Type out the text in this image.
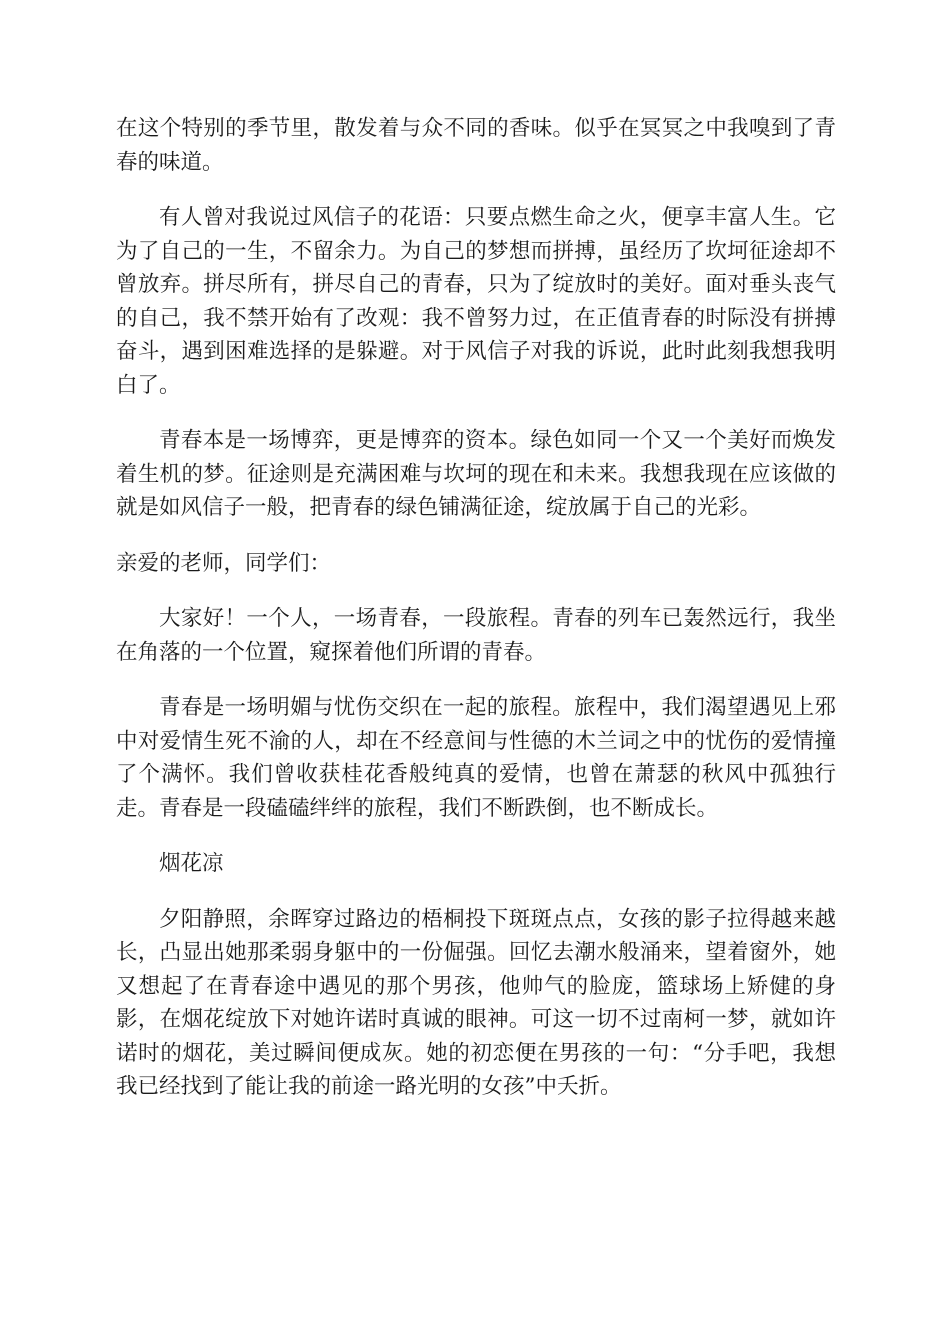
在这个特别的季节里，散发着与众不同的香味。似乎在冥冥之中我嗅到了青春的味道。

有人曾对我说过风信子的花语：只要点燃生命之火，便享丰富人生。它为了自己的一生，不留余力。为自己的梦想而拼搏，虽经历了坎坷征途却不曾放弃。拼尽所有，拼尽自己的青春，只为了绽放时的美好。面对垂头丧气的自己，我不禁开始有了改观：我不曾努力过，在正值青春的时际没有拼搏奋斗，遇到困难选择的是躲避。对于风信子对我的诉说，此时此刻我想我明白了。

青春本是一场博弈，更是博弈的资本。绿色如同一个又一个美好而焕发着生机的梦。征途则是充满困难与坎坷的现在和未来。我想我现在应该做的就是如风信子一般，把青春的绿色铺满征途，绽放属于自己的光彩。

亲爱的老师，同学们：

大家好！一个人，一场青春，一段旅程。青春的列车已轰然远行，我坐在角落的一个位置，窥探着他们所谓的青春。

青春是一场明媚与忧伤交织在一起的旅程。旅程中，我们渴望遇见上邪中对爱情生死不渝的人，却在不经意间与性德的木兰词之中的忧伤的爱情撞了个满怀。我们曾收获桂花香般纯真的爱情，也曾在萧瑟的秋风中孤独行走。青春是一段磕磕绊绊的旅程，我们不断跌倒，也不断成长。

烟花凉

夕阳静照，余晖穿过路边的梧桐投下斑斑点点，女孩的影子拉得越来越长，凸显出她那柔弱身躯中的一份倔强。回忆去潮水般涌来，望着窗外，她又想起了在青春途中遇见的那个男孩，他帅气的脸庞，篮球场上矫健的身影，在烟花绽放下对她许诺时真诚的眼神。可这一切不过南柯一梦，就如许诺时的烟花，美过瞬间便成灰。她的初恋便在男孩的一句：“分手吧，我想我已经找到了能让我的前途一路光明的女孩”中夭折。
